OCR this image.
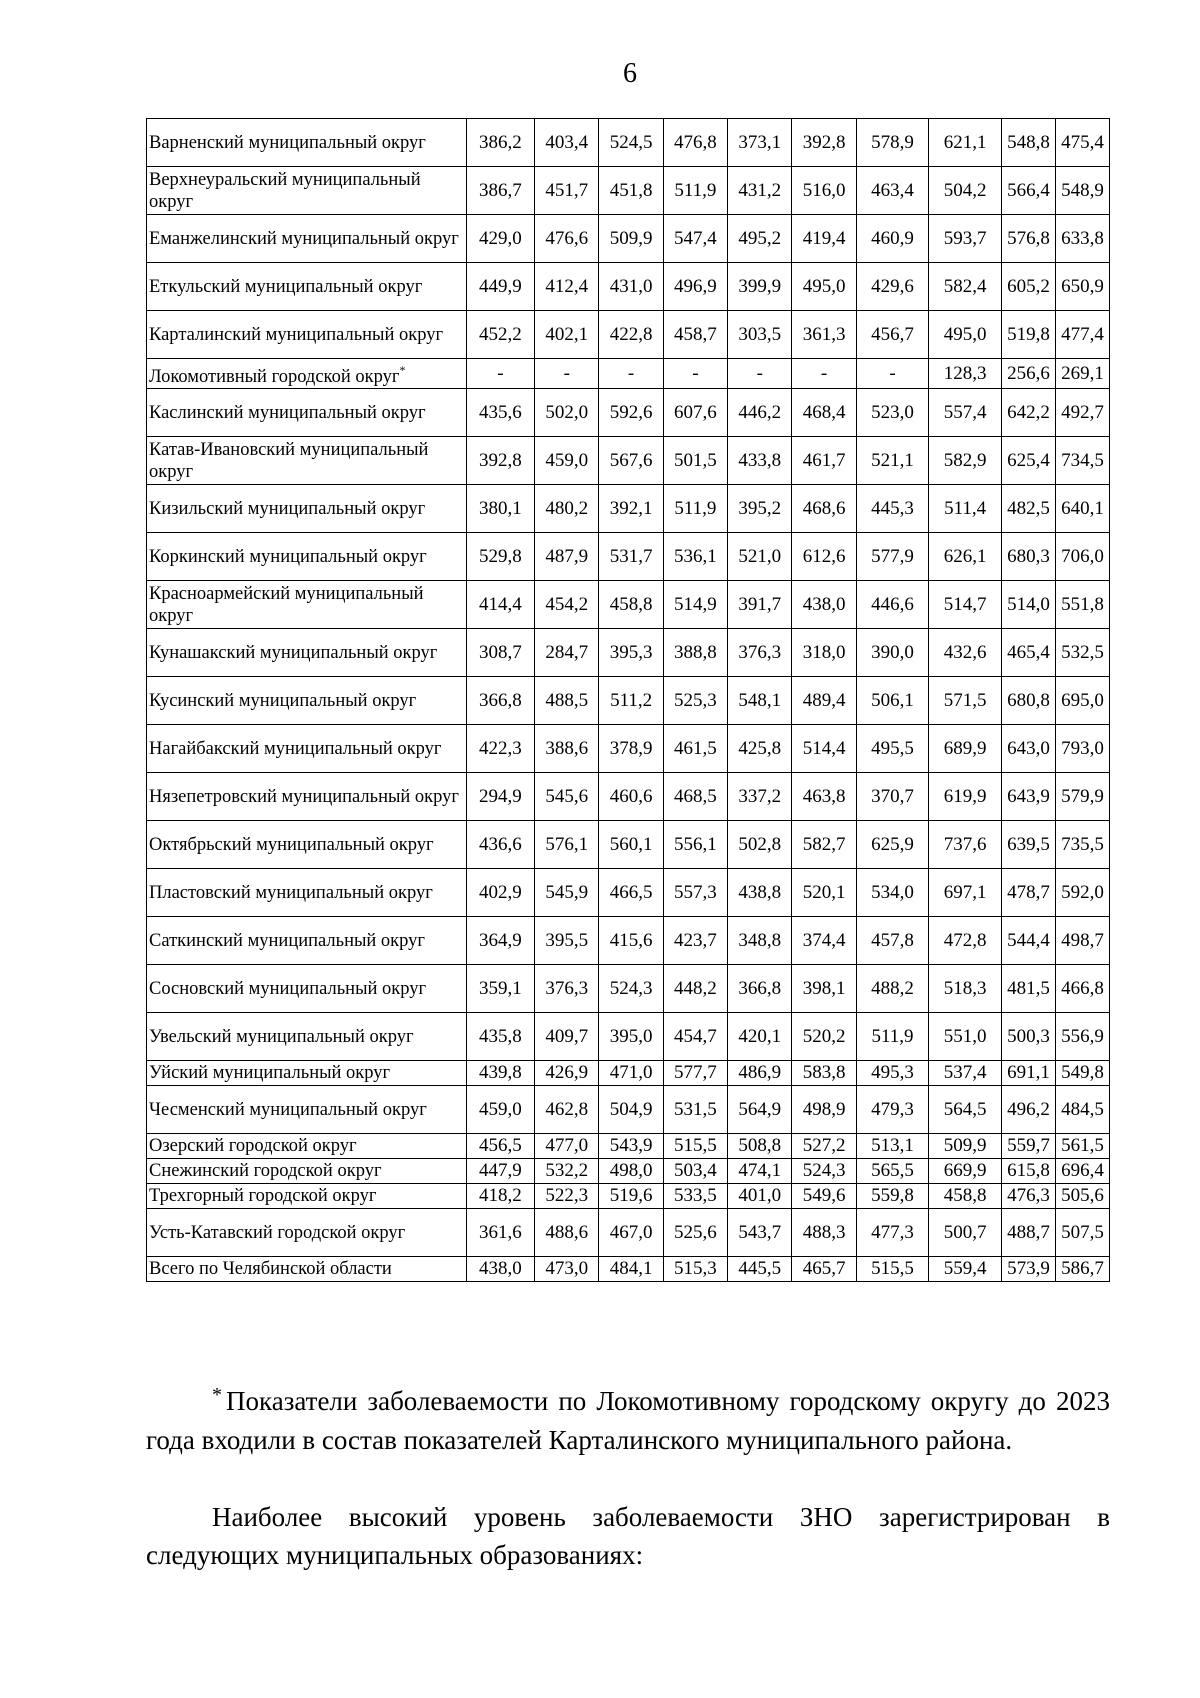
6
Варненский муниципальный округ	386,2	403,4	524,5	476,8	373,1	392,8	578,9	621,1	548,8	475,4
Верхнеуральский муниципальный округ	386,7	451,7	451,8	511,9	431,2	516,0	463,4	504,2	566,4	548,9
Еманжелинский муниципальный округ	429,0	476,6	509,9	547,4	495,2	419,4	460,9	593,7	576,8	633,8
Еткульский муниципальный округ	449,9	412,4	431,0	496,9	399,9	495,0	429,6	582,4	605,2	650,9
Карталинский муниципальный округ	452,2	402,1	422,8	458,7	303,5	361,3	456,7	495,0	519,8	477,4
Локомотивный городской округ*	-	-	-	-	-	-	-	128,3	256,6	269,1
Каслинский муниципальный округ	435,6	502,0	592,6	607,6	446,2	468,4	523,0	557,4	642,2	492,7
Катав-Ивановский муниципальный округ	392,8	459,0	567,6	501,5	433,8	461,7	521,1	582,9	625,4	734,5
Кизильский муниципальный округ	380,1	480,2	392,1	511,9	395,2	468,6	445,3	511,4	482,5	640,1
Коркинский муниципальный округ	529,8	487,9	531,7	536,1	521,0	612,6	577,9	626,1	680,3	706,0
Красноармейский муниципальный округ	414,4	454,2	458,8	514,9	391,7	438,0	446,6	514,7	514,0	551,8
Кунашакский муниципальный округ	308,7	284,7	395,3	388,8	376,3	318,0	390,0	432,6	465,4	532,5
Кусинский муниципальный округ	366,8	488,5	511,2	525,3	548,1	489,4	506,1	571,5	680,8	695,0
Нагайбакский муниципальный округ	422,3	388,6	378,9	461,5	425,8	514,4	495,5	689,9	643,0	793,0
Нязепетровский муниципальный округ	294,9	545,6	460,6	468,5	337,2	463,8	370,7	619,9	643,9	579,9
Октябрьский муниципальный округ	436,6	576,1	560,1	556,1	502,8	582,7	625,9	737,6	639,5	735,5
Пластовский муниципальный округ	402,9	545,9	466,5	557,3	438,8	520,1	534,0	697,1	478,7	592,0
Саткинский муниципальный округ	364,9	395,5	415,6	423,7	348,8	374,4	457,8	472,8	544,4	498,7
Сосновский муниципальный округ	359,1	376,3	524,3	448,2	366,8	398,1	488,2	518,3	481,5	466,8
Увельский муниципальный округ	435,8	409,7	395,0	454,7	420,1	520,2	511,9	551,0	500,3	556,9
Уйский муниципальный округ	439,8	426,9	471,0	577,7	486,9	583,8	495,3	537,4	691,1	549,8
Чесменский муниципальный округ	459,0	462,8	504,9	531,5	564,9	498,9	479,3	564,5	496,2	484,5
Озерский городской округ	456,5	477,0	543,9	515,5	508,8	527,2	513,1	509,9	559,7	561,5
Снежинский городской округ	447,9	532,2	498,0	503,4	474,1	524,3	565,5	669,9	615,8	696,4
Трехгорный городской округ	418,2	522,3	519,6	533,5	401,0	549,6	559,8	458,8	476,3	505,6
Усть-Катавский городской округ	361,6	488,6	467,0	525,6	543,7	488,3	477,3	500,7	488,7	507,5
Всего по Челябинской области	438,0	473,0	484,1	515,3	445,5	465,7	515,5	559,4	573,9	586,7
* Показатели заболеваемости по Локомотивному городскому округу до 2023 года входили в состав показателей Карталинского муниципального района.
Наиболее высокий уровень заболеваемости ЗНО зарегистрирован в следующих муниципальных образованиях:
